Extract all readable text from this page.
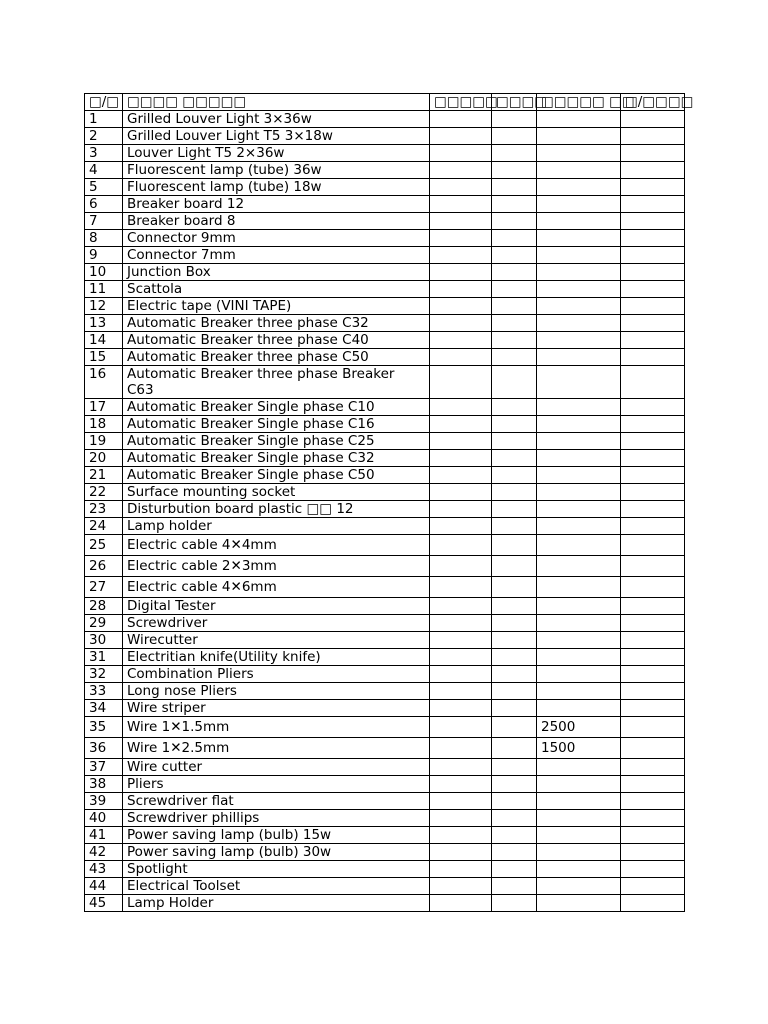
□/□	□□□□ □□□□□	□□□□□	□□□□	□□□□□ □□	□/□□□□
1	Grilled Louver Light 3×36w				
2	Grilled Louver Light T5 3×18w				
3	Louver Light T5 2×36w				
4	Fluorescent lamp (tube) 36w				
5	Fluorescent lamp (tube) 18w				
6	Breaker board 12				
7	Breaker board 8				
8	Connector 9mm				
9	Connector 7mm				
10	Junction Box				
11	Scattola				
12	Electric tape (VINI TAPE)				
13	Automatic Breaker three phase C32				
14	Automatic Breaker three phase C40				
15	Automatic Breaker three phase C50				
16	Automatic Breaker three phase Breaker C63				
17	Automatic Breaker Single phase C10				
18	Automatic Breaker Single phase C16				
19	Automatic Breaker Single phase C25				
20	Automatic Breaker Single phase C32				
21	Automatic Breaker Single phase C50				
22	Surface mounting socket				
23	Disturbution board plastic □□ 12				
24	Lamp holder				
25	Electric cable 4✕4mm				
26	Electric cable 2✕3mm				
27	Electric cable 4✕6mm				
28	Digital Tester				
29	Screwdriver				
30	Wirecutter				
31	Electritian knife(Utility knife)				
32	Combination Pliers				
33	Long nose Pliers				
34	Wire striper				
35	Wire 1✕1.5mm			2500	
36	Wire 1✕2.5mm			1500	
37	Wire cutter				
38	Pliers				
39	Screwdriver flat				
40	Screwdriver phillips				
41	Power saving lamp (bulb) 15w				
42	Power saving lamp (bulb) 30w				
43	Spotlight				
44	Electrical Toolset				
45	Lamp Holder				
